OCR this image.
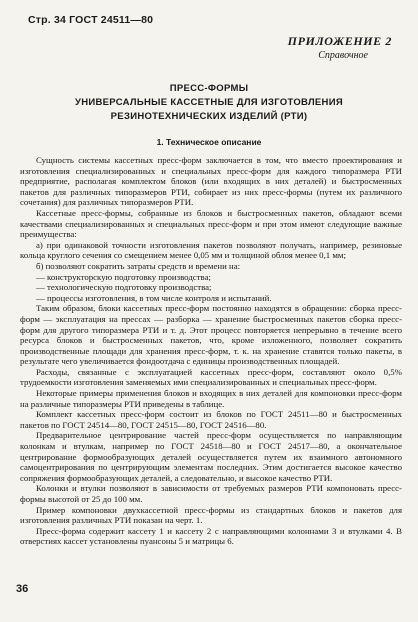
Стр. 34 ГОСТ 24511—80
ПРИЛОЖЕНИЕ 2
Справочное
ПРЕСС-ФОРМЫ
УНИВЕРСАЛЬНЫЕ КАССЕТНЫЕ ДЛЯ ИЗГОТОВЛЕНИЯ
РЕЗИНОТЕХНИЧЕСКИХ ИЗДЕЛИЙ (РТИ)
1. Техническое описание

Сущность системы кассетных пресс-форм заключается в том, что вместо проектирования и изготовления специализированных и специальных пресс-форм для каждого типоразмера РТИ предприятие, располагая комплектом блоков (или входящих в них деталей) и быстросменных пакетов для различных типоразмеров РТИ, собирает из них пресс-формы (путем их различного сочетания) для различных типоразмеров РТИ.

Кассетные пресс-формы, собранные из блоков и быстросменных пакетов, обладают всеми качествами специализированных и специальных пресс-форм и при этом имеют следующие важные преимущества:

а) при одинаковой точности изготовления пакетов позволяют получать, например, резиновые кольца круглого сечения со смещением менее 0,05 мм и толщиной облоя менее 0,1 мм;

б) позволяют сократить затраты средств и времени на:

— конструкторскую подготовку производства;

— технологическую подготовку производства;

— процессы изготовления, в том числе контроля и испытаний.

Таким образом, блоки кассетных пресс-форм постоянно находятся в обращении: сборка пресс-форм — эксплуатация на прессах — разборка — хранение быстросменных пакетов сборка пресс-форм для другого типоразмера РТИ и т. д. Этот процесс повторяется непрерывно в течение всего ресурса блоков и быстросменных пакетов, что, кроме изложенного, позволяет сократить производственные площади для хранения пресс-форм, т. к. на хранение ставятся только пакеты, в результате чего увеличивается фондоотдача с единицы производственных площадей.

Расходы, связанные с эксплуатацией кассетных пресс-форм, составляют около 0,5% трудоемкости изготовления заменяемых ими специализированных и специальных пресс-форм.

Некоторые примеры применения блоков и входящих в них деталей для компоновки пресс-форм на различные типоразмеры РТИ приведены в таблице.

Комплект кассетных пресс-форм состоит из блоков по ГОСТ 24511—80 и быстросменных пакетов по ГОСТ 24514—80, ГОСТ 24515—80, ГОСТ 24516—80.

Предварительное центрирование частей пресс-форм осуществляется по направляющим колонкам и втулкам, например по ГОСТ 24518—80 и ГОСТ 24517—80, а окончательное центрирование формообразующих деталей осуществляется путем их взаимного автономного самоцентрирования по центрирующим элементам последних. Этим достигается высокое качество сопряжения формообразующих деталей, а следовательно, и высокое качество РТИ.

Колонки и втулки позволяют в зависимости от требуемых размеров РТИ компоновать пресс-формы высотой от 25 до 100 мм.

Пример компоновки двухкассетной пресс-формы из стандартных блоков и пакетов для изготовления различных РТИ показан на черт. 1.

Пресс-форма содержит кассету 1 и кассету 2 с направляющими колоннами 3 и втулками 4. В отверстиях кассет установлены пуансоны 5 и матрицы 6.

36
